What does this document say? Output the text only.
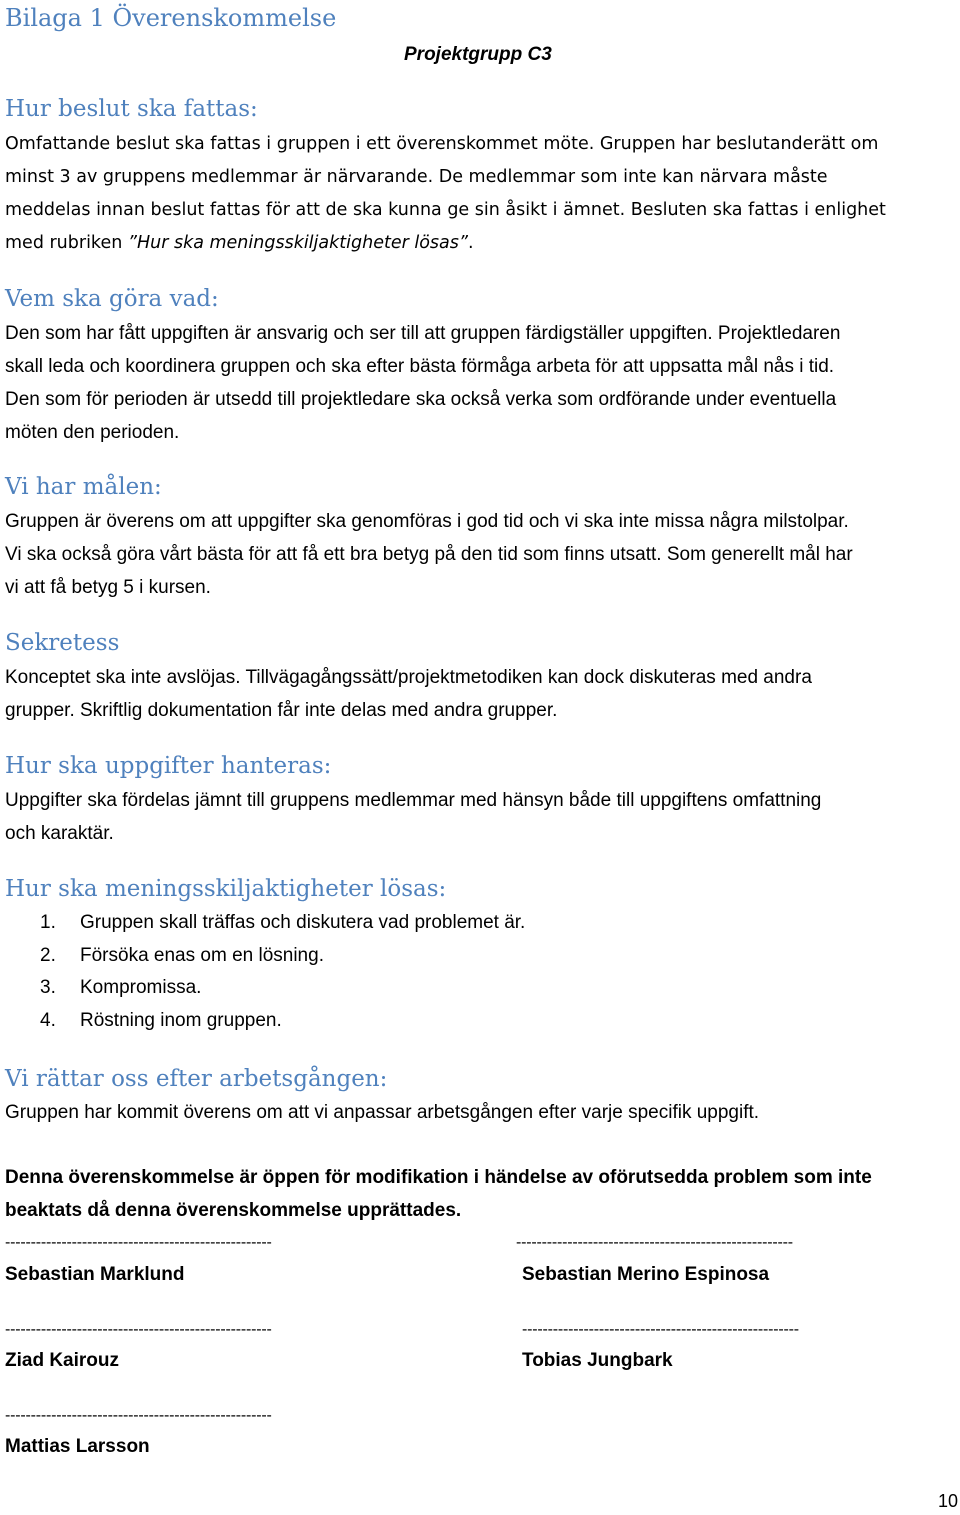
Bilaga 1 Överenskommelse
Projektgrupp C3
Hur beslut ska fattas:
Omfattande beslut ska fattas i gruppen i ett överenskommet möte. Gruppen har beslutanderätt om
minst 3 av gruppens medlemmar är närvarande. De medlemmar som inte kan närvara måste
meddelas innan beslut fattas för att de ska kunna ge sin åsikt i ämnet. Besluten ska fattas i enlighet
med rubriken ”Hur ska meningsskiljaktigheter lösas”.
Vem ska göra vad:
Den som har fått uppgiften är ansvarig och ser till att gruppen färdigställer uppgiften. Projektledaren
skall leda och koordinera gruppen och ska efter bästa förmåga arbeta för att uppsatta mål nås i tid.
Den som för perioden är utsedd till projektledare ska också verka som ordförande under eventuella
möten den perioden.
Vi har målen:
Gruppen är överens om att uppgifter ska genomföras i god tid och vi ska inte missa några milstolpar.
Vi ska också göra vårt bästa för att få ett bra betyg på den tid som finns utsatt. Som generellt mål har
vi att få betyg 5 i kursen.
Sekretess
Konceptet ska inte avslöjas. Tillvägagångssätt/projektmetodiken kan dock diskuteras med andra
grupper. Skriftlig dokumentation får inte delas med andra grupper.
Hur ska uppgifter hanteras:
Uppgifter ska fördelas jämnt till gruppens medlemmar med hänsyn både till uppgiftens omfattning
och karaktär.
Hur ska meningsskiljaktigheter lösas:
1. Gruppen skall träffas och diskutera vad problemet är.
2. Försöka enas om en lösning.
3. Kompromissa.
4. Röstning inom gruppen.
Vi rättar oss efter arbetsgången:
Gruppen har kommit överens om att vi anpassar arbetsgången efter varje specifik uppgift.
Denna överenskommelse är öppen för modifikation i händelse av oförutsedda problem som inte
beaktats då denna överenskommelse upprättades.
----------------------------------------------------	------------------------------------------------------
Sebastian Marklund	Sebastian Merino Espinosa
----------------------------------------------------	------------------------------------------------------
Ziad Kairouz	Tobias Jungbark
----------------------------------------------------
Mattias Larsson
10
